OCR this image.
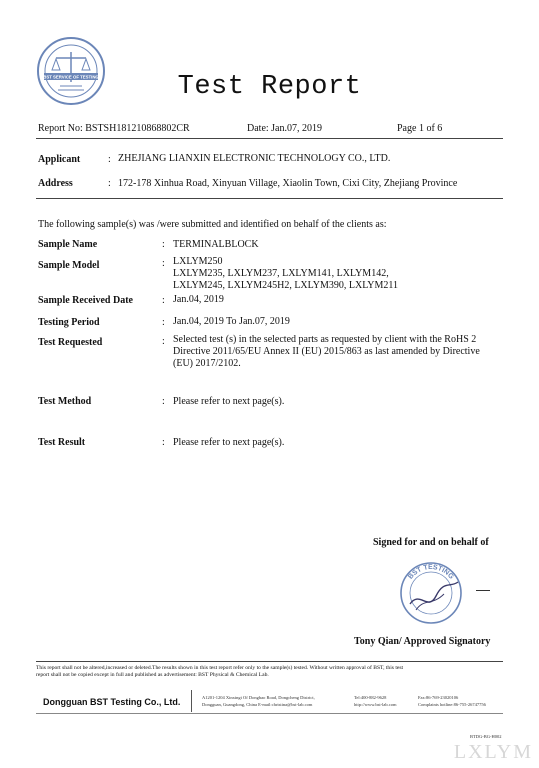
BST SERVICE OF TESTING	Test Report
Report No: BSTSH181210868802CR	Date: Jan.07, 2019	Page 1 of 6
Applicant	: ZHEJIANG LIANXIN ELECTRONIC TECHNOLOGY CO., LTD.
Address	: 172-178 Xinhua Road, Xinyuan Village, Xiaolin Town, Cixi City, Zhejiang Province
The following sample(s) was /were submitted and identified on behalf of the clients as:
Sample Name	: TERMINALBLOCK
Sample Model	: LXLYM250
LXLYM235, LXLYM237, LXLYM141, LXLYM142,
LXLYM245, LXLYM245H2, LXLYM390, LXLYM211
Sample Received Date	: Jan.04, 2019
Testing Period	: Jan.04, 2019 To Jan.07, 2019
Test Requested	: Selected test (s) in the selected parts as requested by client with the RoHS 2
Directive 2011/65/EU Annex II (EU) 2015/863 as last amended by Directive
(EU) 2017/2102.
Test Method	: Please refer to next page(s).
Test Result	: Please refer to next page(s).
Signed for and on behalf of
BST TESTING
Tony Qian/ Approved Signatory
This report shall not be altered,increased or deleted.The results shown in this test report refer only to the sample(s) tested. Without written approval of BST, this test
report shall not be copied except in full and published as advertisement: BST Physical & Chemical Lab.
Dongguan BST Testing Co., Ltd.	A1201-1204 Xinxingi Of Dongbao Road, Dongcheng District,
Dongguan, Guangdong, China E-mail:christina@bst-lab.com
Tel:400-882-9628
http://www.bst-lab.com
Fax:86-769-23020106
Complaints hotline:86-755-26747756
BTDG-BG-H002
LXLYM
